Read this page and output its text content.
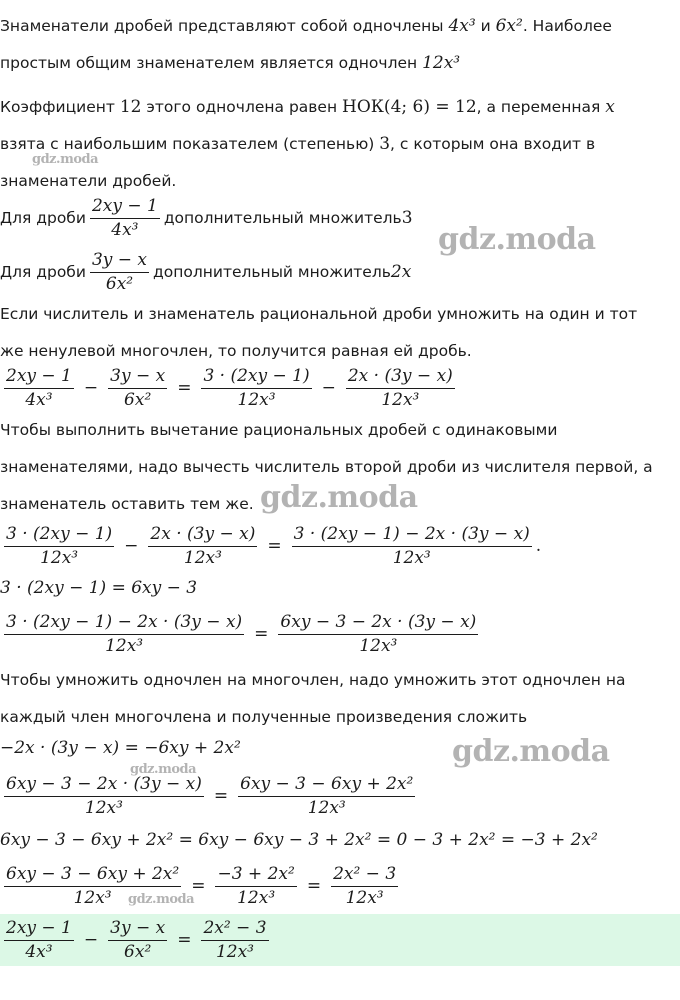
Знаменатели дробей представляют собой одночлены 4x³ и 6x². Наиболее
простым общим знаменателем является одночлен 12x³
Коэффициент 12 этого одночлена равен НОК(4; 6) = 12, а переменная x
взята с наибольшим показателем (степенью) 3, с которым она входит в
знаменатели дробей.
Для дроби $\frac{2xy - 1}{\text{4x³}}$ дополнительный множитель 3
Для дроби $\frac{3y - x}{\text{6x²}}$ дополнительный множитель 2x
Если числитель и знаменатель рациональной дроби умножить на один и тот
же ненулевой многочлен, то получится равная ей дробь.
$\frac{2xy - 1}{\text{4x³}} - \frac{3y - x}{\text{6x²}} = \frac{3 \cdot (2xy - 1)}{\text{12x³}} - \frac{2x \cdot (3y - x)}{\text{12x³}}$
Чтобы выполнить вычетание рациональных дробей с одинаковыми
знаменателями, надо вычесть числитель второй дроби из числителя первой, а
знаменатель оставить тем же.
$\frac{3 \cdot (2xy - 1)}{\text{12x³}} - \frac{2x \cdot (3y - x)}{\text{12x³}} = \frac{3 \cdot (2xy - 1) - 2x \cdot (3y - x)}{\text{12x³}}$ .
3 · (2xy − 1) = 6xy − 3
$\frac{3 \cdot (2xy - 1) - 2x \cdot (3y - x)}{\text{12x³}} = \frac{6xy - 3 - 2x \cdot (3y - x)}{\text{12x³}}$
Чтобы умножить одночлен на многочлен, надо умножить этот одночлен на
каждый член многочлена и полученные произведения сложить
−2x · (3y − x) = −6xy + 2x²
$\frac{6xy - 3 - 2x \cdot (3y - x)}{\text{12x³}} = \frac{\text{6xy − 3 − 6xy + 2x²}}{\text{12x³}}$
6xy − 3 − 6xy + 2x² = 6xy − 6xy − 3 + 2x² = 0 − 3 + 2x² = −3 + 2x²
$\frac{\text{6xy − 3 − 6xy + 2x²}}{\text{12x³}} = \frac{\text{−3 + 2x²}}{\text{12x³}} = \frac{\text{2x² − 3}}{\text{12x³}}$
$\frac{2xy - 1}{\text{4x³}} - \frac{3y - x}{\text{6x²}} = \frac{\text{2x² − 3}}{\text{12x³}}$
gdz.moda
gdz.moda
gdz.moda
gdz.moda
gdz.moda
gdz.moda
